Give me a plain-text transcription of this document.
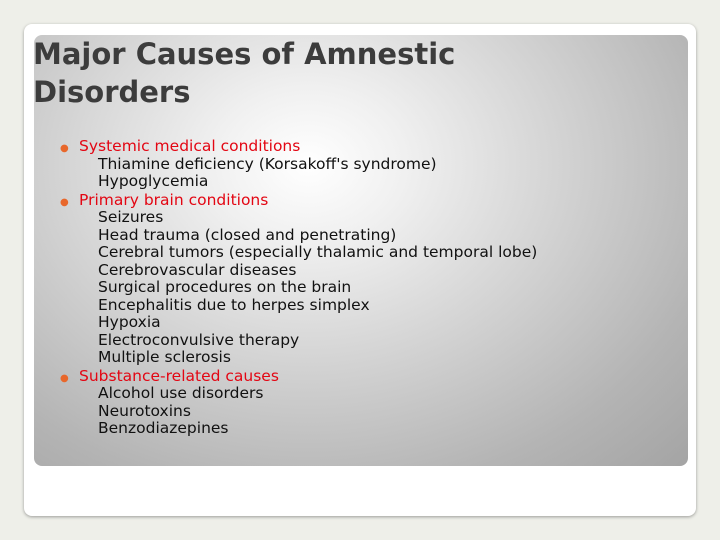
Major Causes of Amnestic
Disorders
● Systemic medical conditions
Thiamine deficiency (Korsakoff's syndrome)
Hypoglycemia
● Primary brain conditions
Seizures
Head trauma (closed and penetrating)
Cerebral tumors (especially thalamic and temporal lobe)
Cerebrovascular diseases
Surgical procedures on the brain
Encephalitis due to herpes simplex
Hypoxia
Electroconvulsive therapy
Multiple sclerosis
● Substance-related causes
Alcohol use disorders
Neurotoxins
Benzodiazepines
